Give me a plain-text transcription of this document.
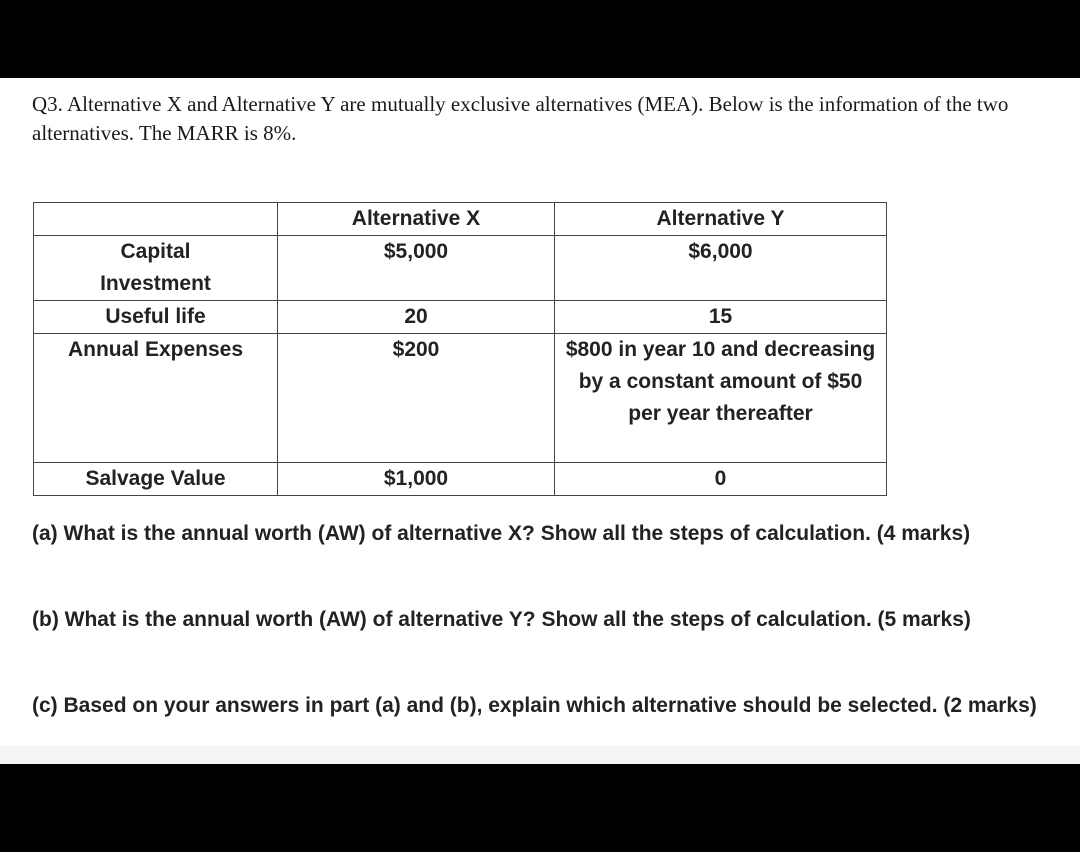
Q3. Alternative X and Alternative Y are mutually exclusive alternatives (MEA). Below is the information of the two alternatives. The MARR is 8%.

	Alternative X	Alternative Y

Capital Investment	$5,000	$6,000
Useful life	20	15
Annual Expenses	$200	$800 in year 10 and decreasing by a constant amount of $50 per year thereafter

Salvage Value	$1,000	0

(a) What is the annual worth (AW) of alternative X? Show all the steps of calculation. (4 marks)

(b) What is the annual worth (AW) of alternative Y? Show all the steps of calculation. (5 marks)

(c) Based on your answers in part (a) and (b), explain which alternative should be selected. (2 marks)
